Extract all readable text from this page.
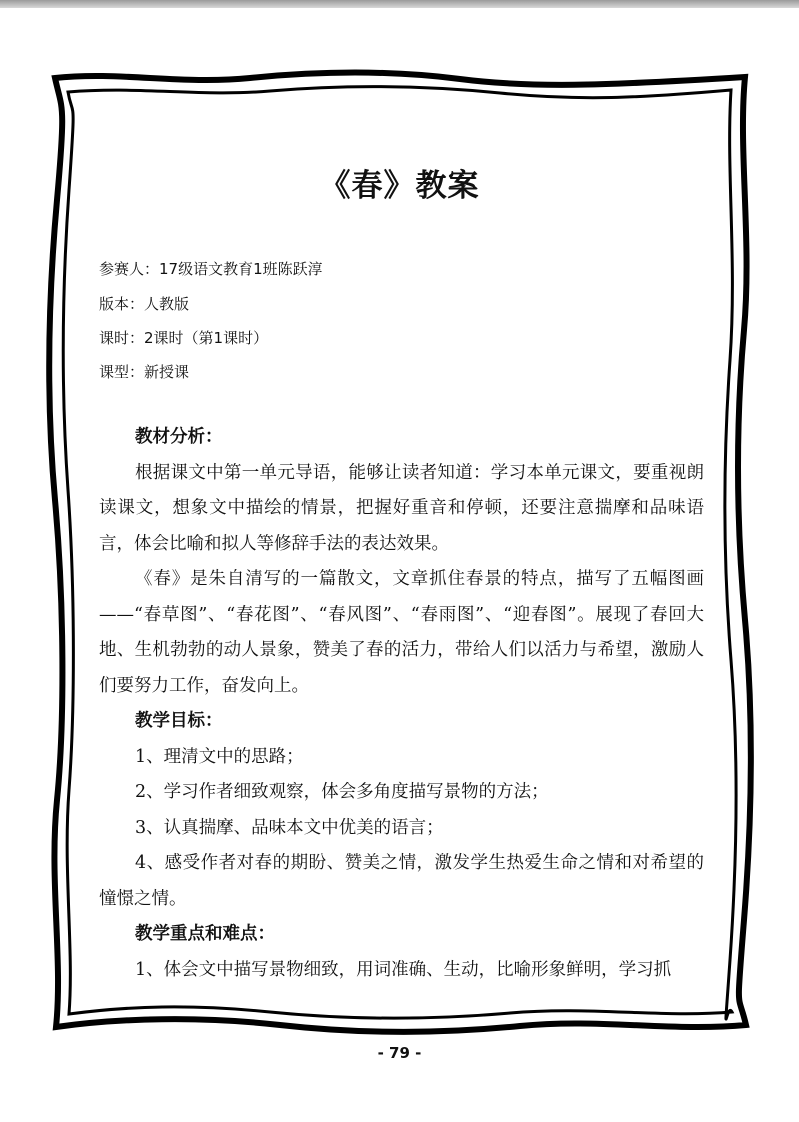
《春》教案
参赛人：17级语文教育1班陈跃淳
版本：人教版
课时：2课时（第1课时）
课型：新授课
教材分析：

根据课文中第一单元导语，能够让读者知道：学习本单元课文，要重视朗读课文，想象文中描绘的情景，把握好重音和停顿，还要注意揣摩和品味语言，体会比喻和拟人等修辞手法的表达效果。

《春》是朱自清写的一篇散文，文章抓住春景的特点，描写了五幅图画——“春草图”、“春花图”、“春风图”、“春雨图”、“迎春图”。展现了春回大地、生机勃勃的动人景象，赞美了春的活力，带给人们以活力与希望，激励人们要努力工作，奋发向上。

教学目标：

1、理清文中的思路；

2、学习作者细致观察，体会多角度描写景物的方法；

3、认真揣摩、品味本文中优美的语言；

4、感受作者对春的期盼、赞美之情，激发学生热爱生命之情和对希望的憧憬之情。

教学重点和难点：

1、体会文中描写景物细致，用词准确、生动，比喻形象鲜明，学习抓

- 79 -
